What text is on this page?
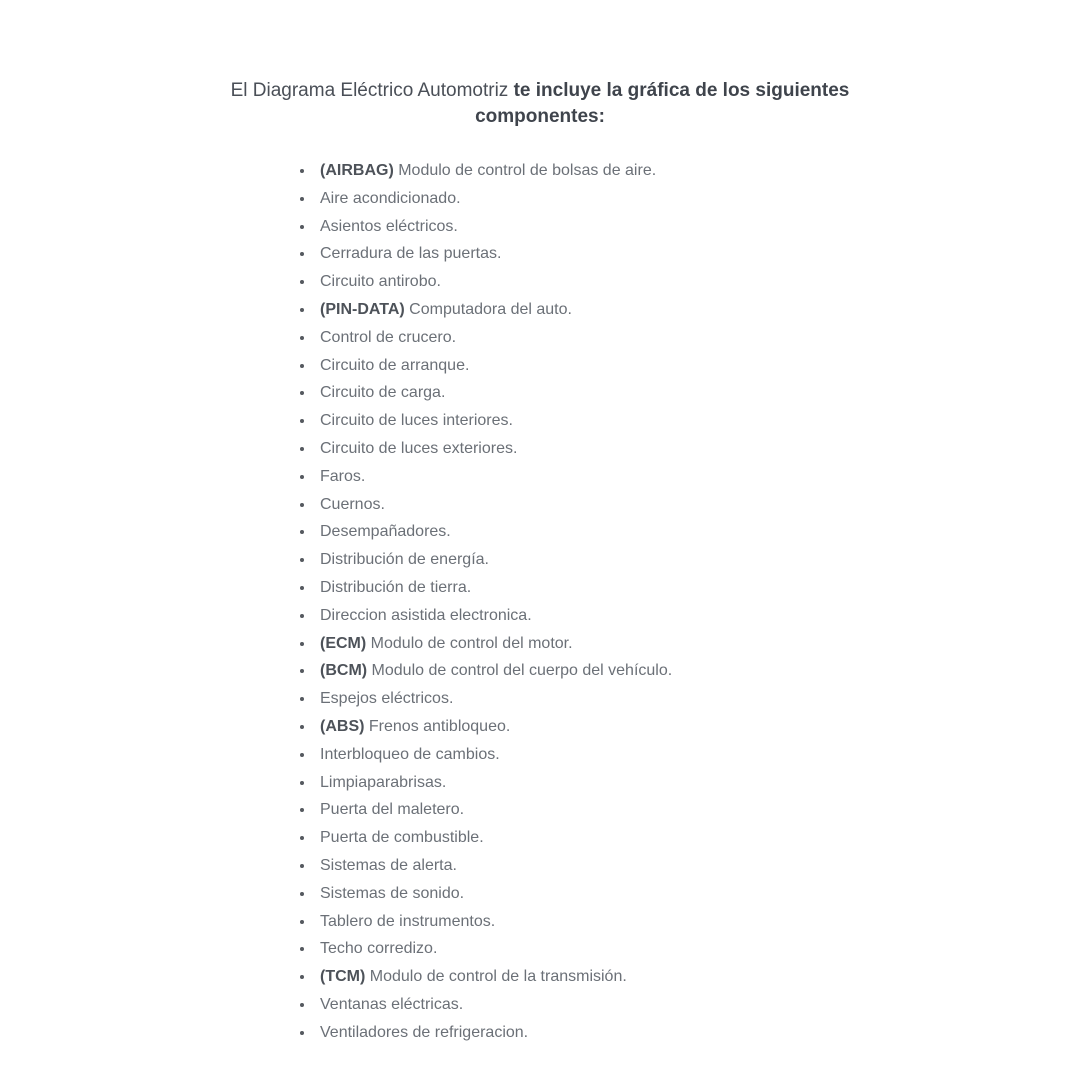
El Diagrama Eléctrico Automotriz te incluye la gráfica de los siguientes componentes:
(AIRBAG) Modulo de control de bolsas de aire.
Aire acondicionado.
Asientos eléctricos.
Cerradura de las puertas.
Circuito antirobo.
(PIN-DATA) Computadora del auto.
Control de crucero.
Circuito de arranque.
Circuito de carga.
Circuito de luces interiores.
Circuito de luces exteriores.
Faros.
Cuernos.
Desempañadores.
Distribución de energía.
Distribución de tierra.
Direccion asistida electronica.
(ECM) Modulo de control del motor.
(BCM) Modulo de control del cuerpo del vehículo.
Espejos eléctricos.
(ABS) Frenos antibloqueo.
Interbloqueo de cambios.
Limpiaparabrisas.
Puerta del maletero.
Puerta de combustible.
Sistemas de alerta.
Sistemas de sonido.
Tablero de instrumentos.
Techo corredizo.
(TCM) Modulo de control de la transmisión.
Ventanas eléctricas.
Ventiladores de refrigeracion.
